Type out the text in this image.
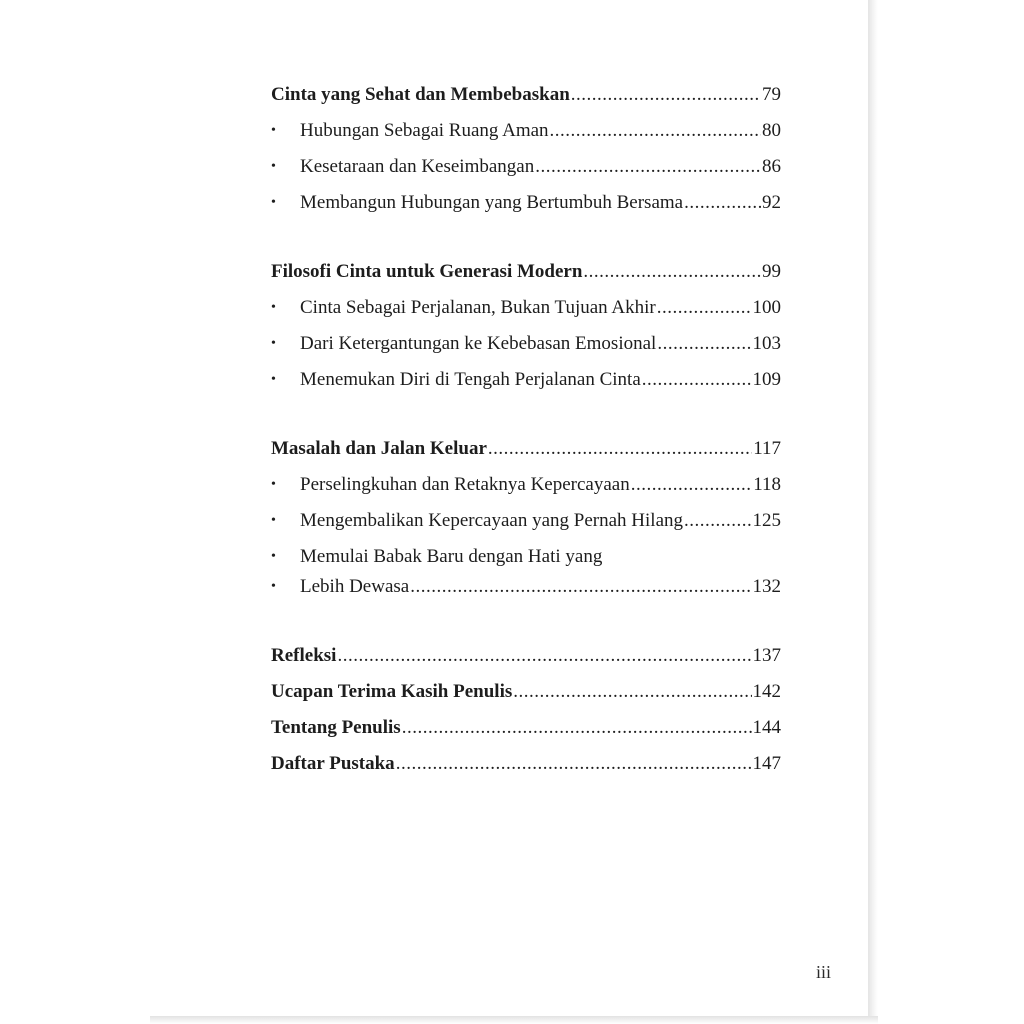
Cinta yang Sehat dan Membebaskan .....	79
•	Hubungan Sebagai Ruang Aman .....	80
•	Kesetaraan dan Keseimbangan .....	86
•	Membangun Hubungan yang Bertumbuh Bersama .....	92
Filosofi Cinta untuk Generasi Modern .....	99
•	Cinta Sebagai Perjalanan, Bukan Tujuan Akhir .....	100
•	Dari Ketergantungan ke Kebebasan Emosional .....	103
•	Menemukan Diri di Tengah Perjalanan Cinta .....	109
Masalah dan Jalan Keluar .....	117
•	Perselingkuhan dan Retaknya Kepercayaan .....	118
•	Mengembalikan Kepercayaan yang Pernah Hilang .....	125
•	Memulai Babak Baru dengan Hati yang
•	Lebih Dewasa .....	132
Refleksi .....	137
Ucapan Terima Kasih Penulis .....	142
Tentang Penulis .....	144
Daftar Pustaka .....	147
iii
